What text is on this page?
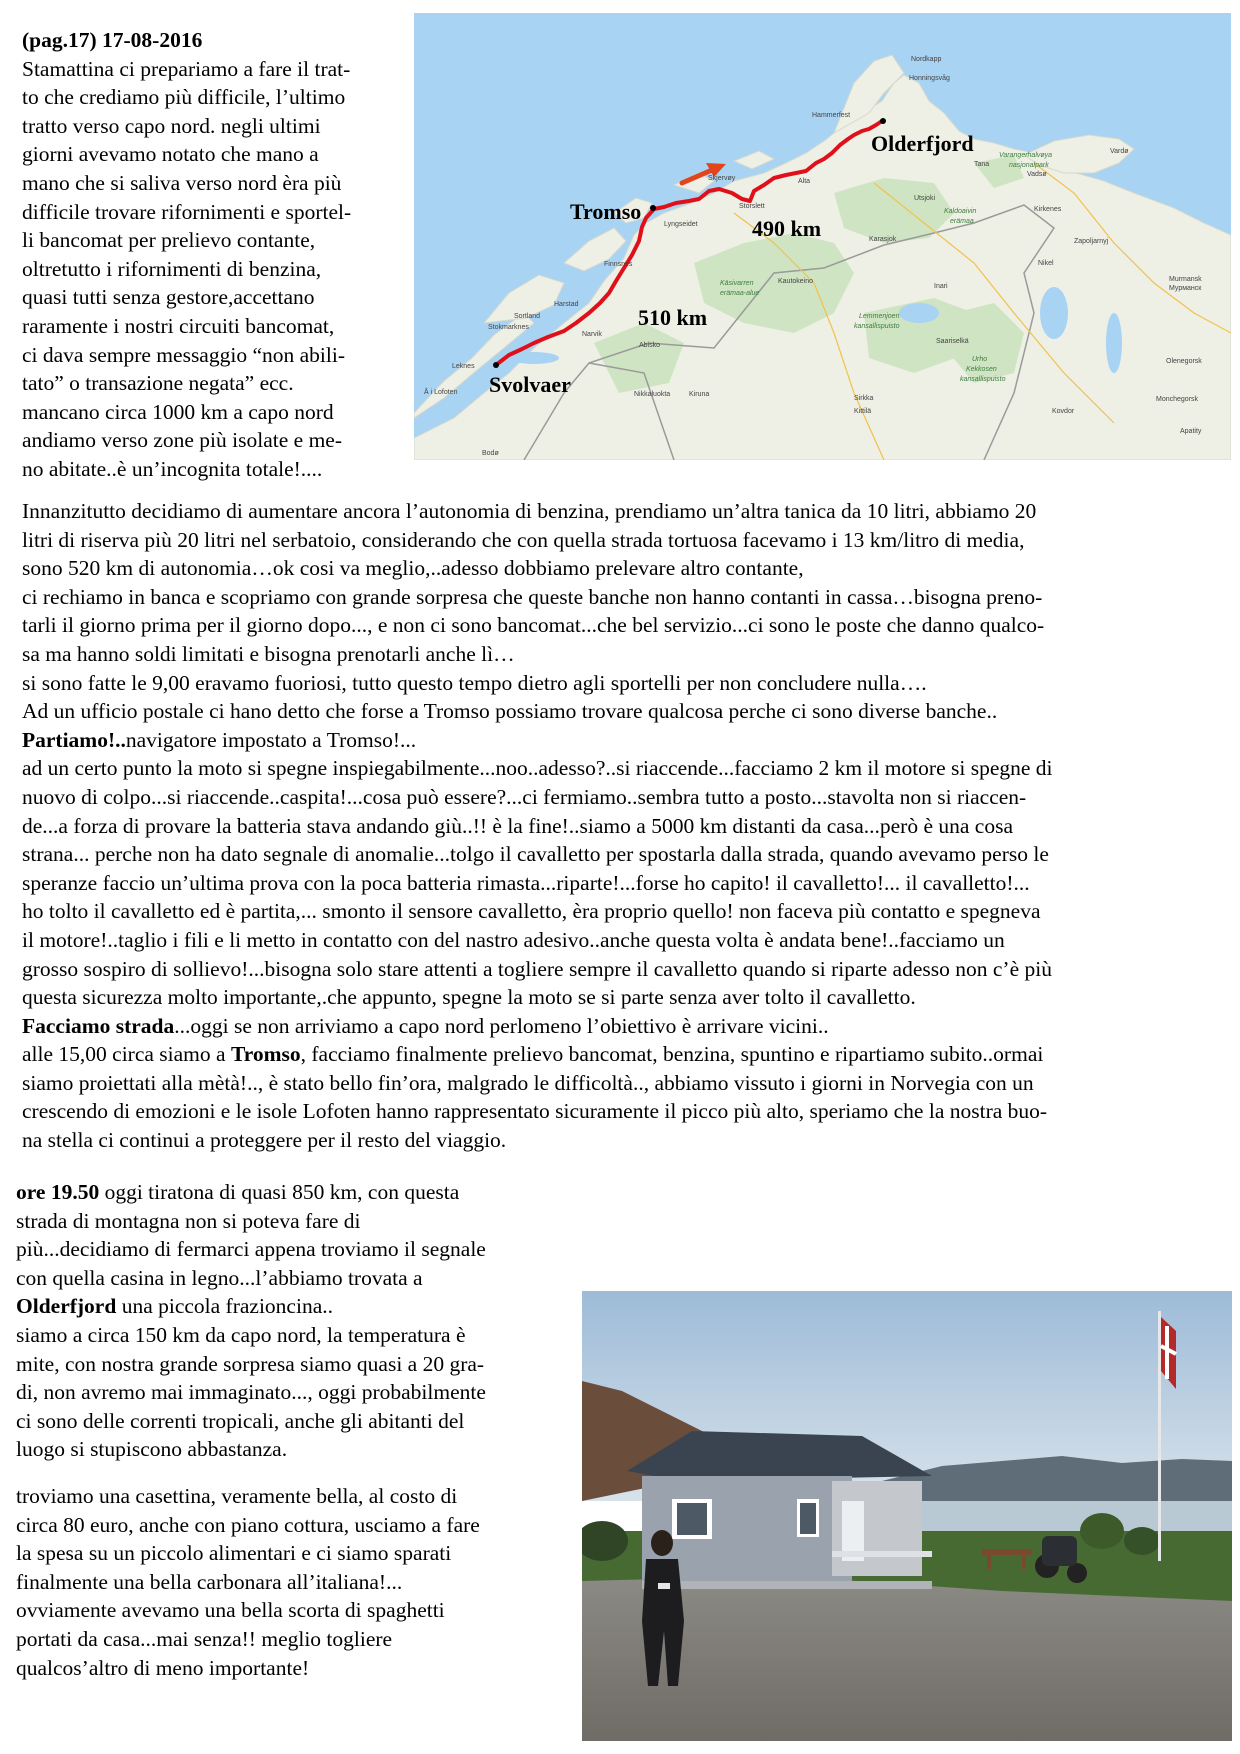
(pag.17) 17-08-2016

Stamattina ci prepariamo a fare il trat-

to che crediamo più difficile, l’ultimo

tratto verso capo nord. negli ultimi

giorni avevamo notato che mano a

mano che si saliva verso nord èra più

difficile trovare rifornimenti e sportel-

li bancomat per prelievo contante,

oltretutto i rifornimenti di benzina,

quasi tutti senza gestore,accettano

raramente i nostri circuiti bancomat,

ci dava sempre messaggio “non abili-

tato” o transazione negata” ecc.

mancano circa 1000 km a capo nord

andiamo verso zone più isolate e me-

no abitate..è un’incognita totale!....

Nordkapp
Honningsvåg
Hammerfest
Skjervøy
Storslett
Alta
Lyngseidet
Tana
Vardø
Vadsø
Varangerhalvøya
nasjonalpark
Utsjoki
Kirkenes
Nikel
Zapoljarnyj
Kaldoaivin
erämaa
Karasjok
Kautokeino
Käsivarren
erämaa-alue
Lemmenjoen
kansallispuisto
Inari
Saariselkä
Urho
Kekkosen
kansallispuisto
Murmansk
Мурманск
Olenegorsk
Monchegorsk
Apatity
Kovdor
Sirkka
Kittilä
Kiruna
Nikkaluokta
Abisko
Narvik
Harstad
Finnsnes
Sortland
Stokmarknes
Leknes
Å i Lofoten
Bodø
Tromso
Olderfjord
Svolvaer
490 km
510 km

Innanzitutto decidiamo di aumentare ancora l’autonomia di benzina, prendiamo un’altra tanica da 10 litri, abbiamo 20

litri di riserva più 20 litri nel serbatoio, considerando che con quella strada tortuosa facevamo i 13 km/litro di media,

sono 520 km di autonomia…ok cosi va meglio,..adesso dobbiamo prelevare altro contante,

ci rechiamo in banca e scopriamo con grande sorpresa che queste banche non hanno contanti in cassa…bisogna preno-

tarli il giorno prima per il giorno dopo..., e non ci sono bancomat...che bel servizio...ci sono le poste che danno qualco-

sa ma hanno soldi limitati e bisogna prenotarli anche lì…

si sono fatte le 9,00 eravamo fuoriosi, tutto questo tempo dietro agli sportelli per non concludere nulla….

Ad un ufficio postale ci hano detto che forse a Tromso possiamo trovare qualcosa perche ci sono diverse banche..

Partiamo!..navigatore impostato a Tromso!...

ad un certo punto la moto si spegne inspiegabilmente...noo..adesso?..si riaccende...facciamo 2 km il motore si spegne di

nuovo di colpo...si riaccende..caspita!...cosa può essere?...ci fermiamo..sembra tutto a posto...stavolta non si riaccen-

de...a forza di provare la batteria stava andando giù..!! è la fine!..siamo a 5000 km distanti da casa...però è una cosa

strana... perche non ha dato segnale di anomalie...tolgo il cavalletto per spostarla dalla strada, quando avevamo perso le

speranze faccio un’ultima prova con la poca batteria rimasta...riparte!...forse ho capito! il cavalletto!... il cavalletto!...

ho tolto il cavalletto ed è partita,... smonto il sensore cavalletto, èra proprio quello! non faceva più contatto e spegneva

il motore!..taglio i fili e li metto in contatto con del nastro adesivo..anche questa volta è andata bene!..facciamo un

grosso sospiro di sollievo!...bisogna solo stare attenti a togliere sempre il cavalletto quando si riparte adesso non c’è più

questa sicurezza molto importante,.che appunto, spegne la moto se si parte senza aver tolto il cavalletto.

Facciamo strada...oggi se non arriviamo a capo nord perlomeno l’obiettivo è arrivare vicini..

alle 15,00 circa siamo a Tromso, facciamo finalmente prelievo bancomat, benzina, spuntino e ripartiamo subito..ormai

siamo proiettati alla mètà!.., è stato bello fin’ora, malgrado le difficoltà.., abbiamo vissuto i giorni in Norvegia con un

crescendo di emozioni e le isole Lofoten hanno rappresentato sicuramente il picco più alto, speriamo che la nostra buo-

na stella ci continui a proteggere per il resto del viaggio.

ore 19.50 oggi tiratona di quasi 850 km, con questa

strada di montagna non si poteva fare di

più...decidiamo di fermarci appena troviamo il segnale

con quella casina in legno...l’abbiamo trovata a

Olderfjord una piccola frazioncina..

siamo a circa 150 km da capo nord, la temperatura è

mite, con nostra grande sorpresa siamo quasi a 20 gra-

di, non avremo mai immaginato..., oggi probabilmente

ci sono delle correnti tropicali, anche gli abitanti del

luogo si stupiscono abbastanza.

troviamo una casettina, veramente bella, al costo di

circa 80 euro, anche con piano cottura, usciamo a fare

la spesa su un piccolo alimentari e ci siamo sparati

finalmente una bella carbonara all’italiana!...

ovviamente avevamo una bella scorta di spaghetti

portati da casa...mai senza!! meglio togliere

qualcos’altro di meno importante!
